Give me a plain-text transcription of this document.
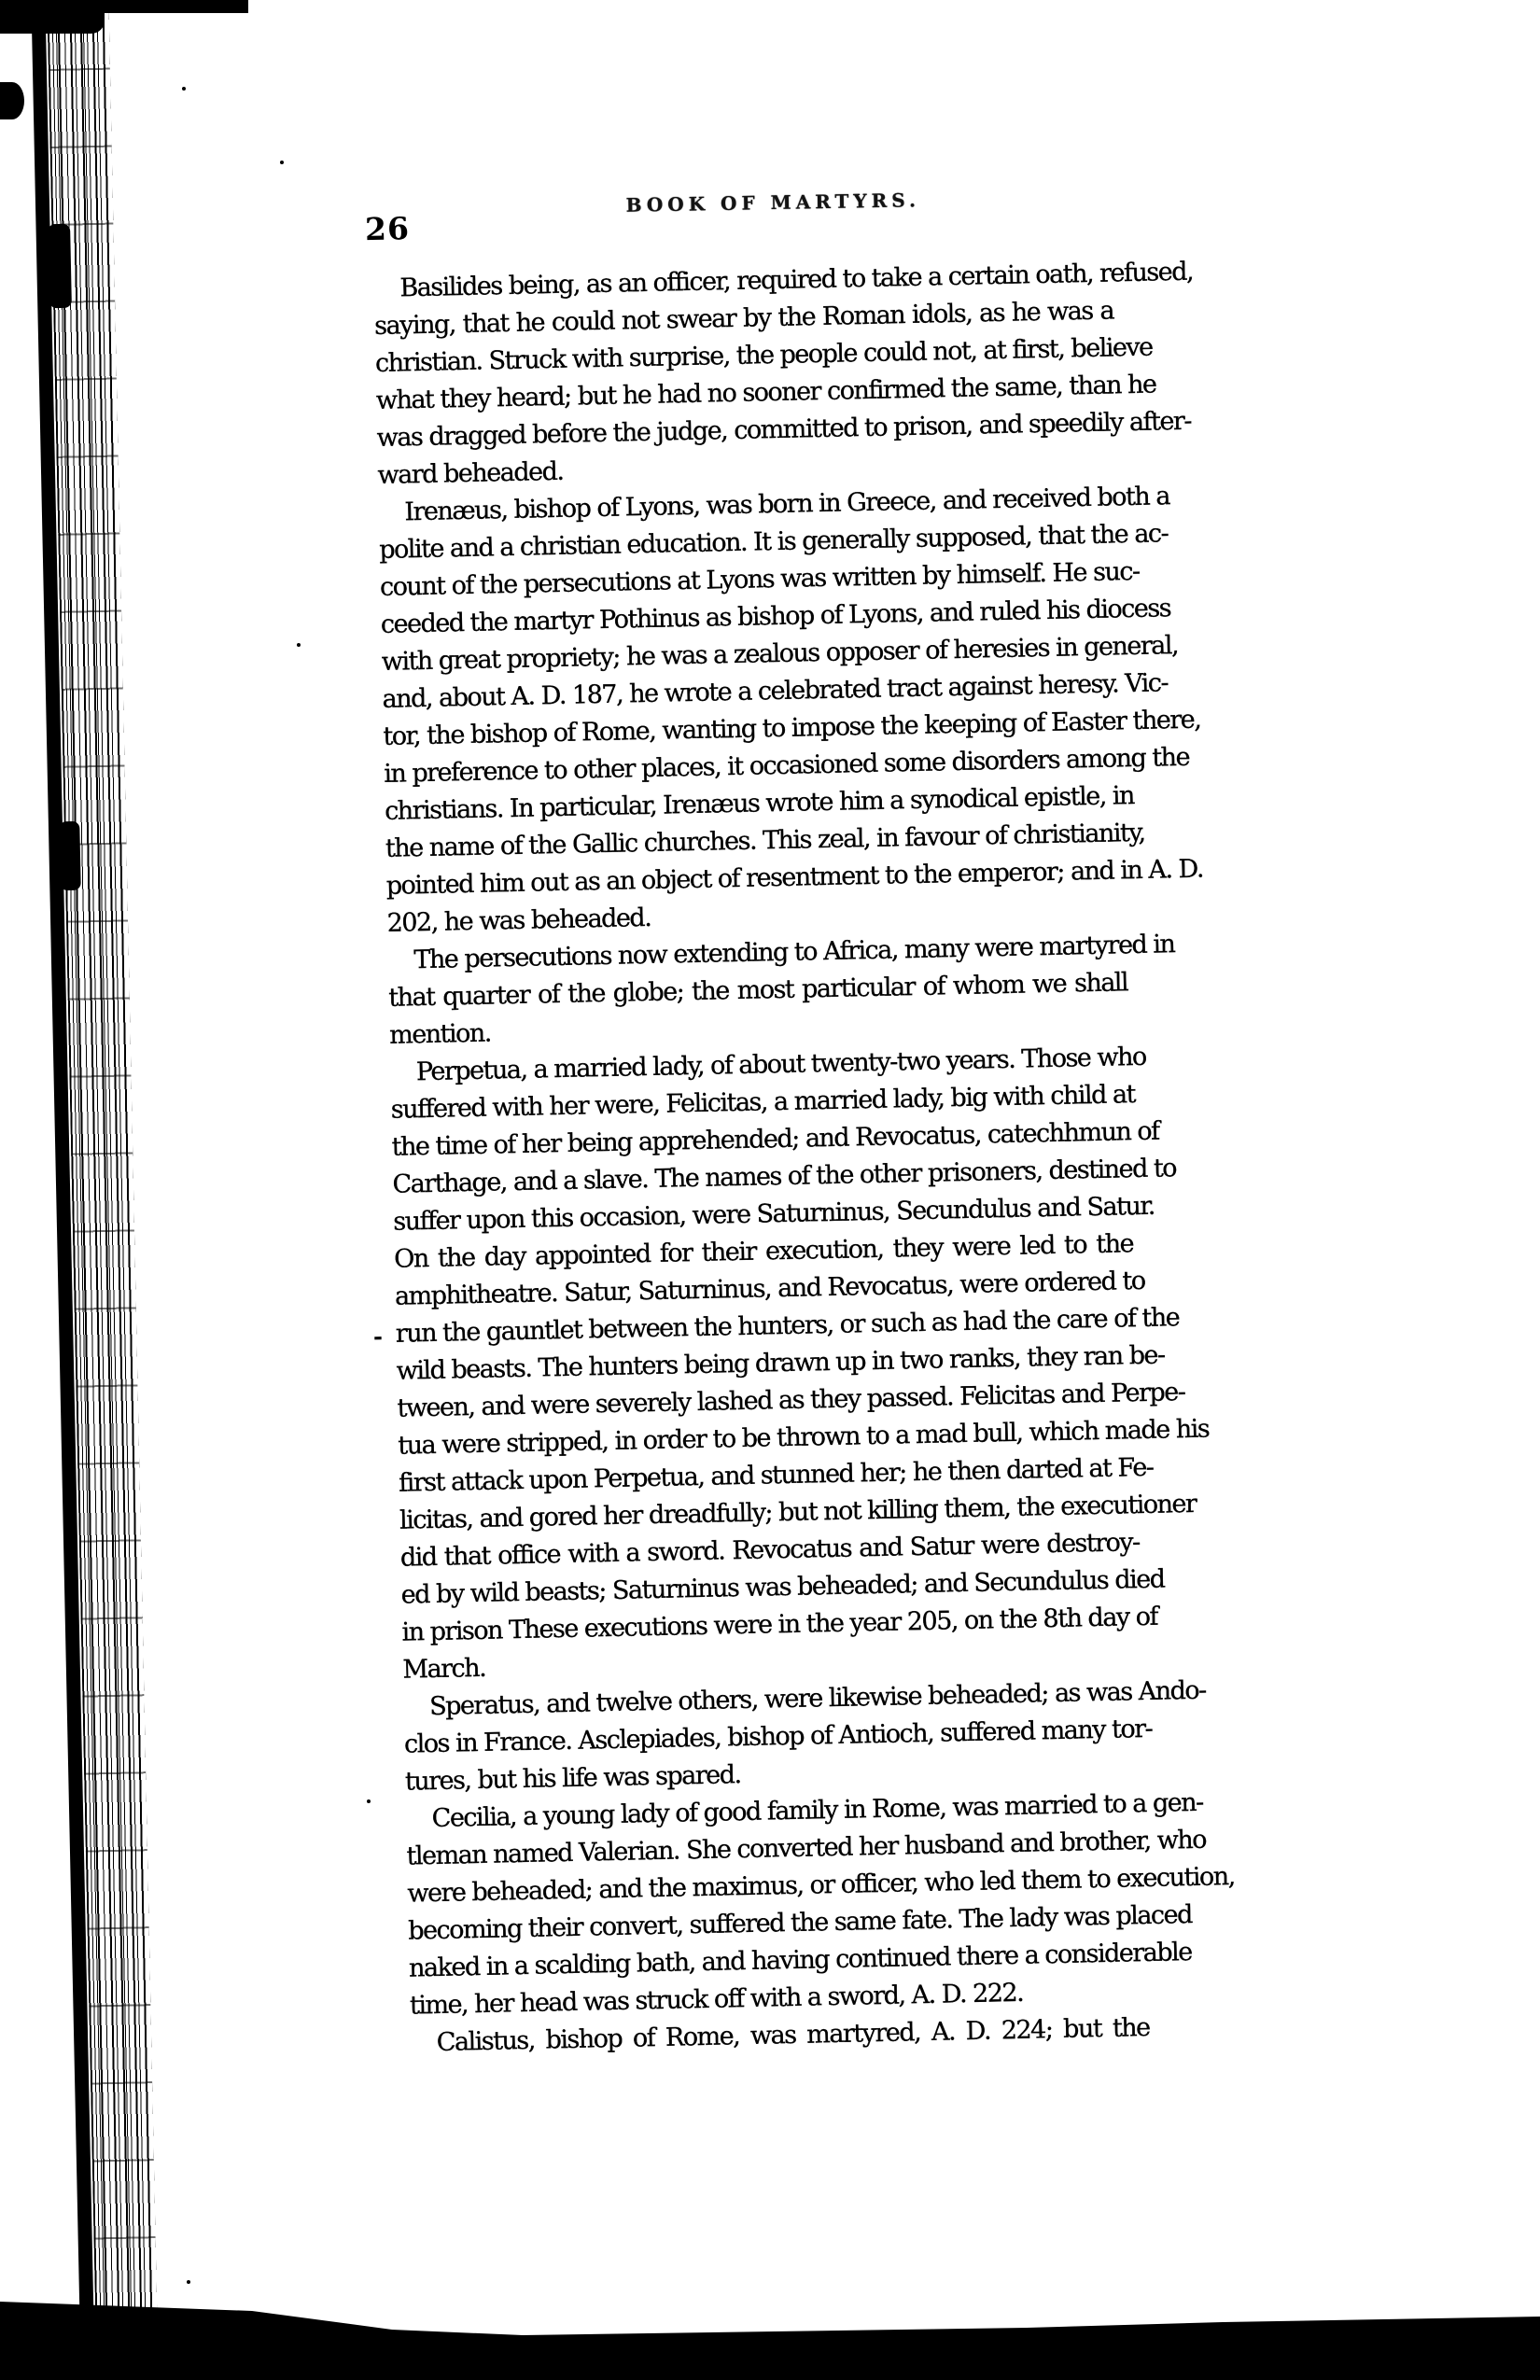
26
BOOK OF MARTYRS.
Basilides being, as an officer, required to take a certain oath, refused,
saying, that he could not swear by the Roman idols, as he was a
christian. Struck with surprise, the people could not, at first, believe
what they heard; but he had no sooner confirmed the same, than he
was dragged before the judge, committed to prison, and speedily after-
ward beheaded.
Irenæus, bishop of Lyons, was born in Greece, and received both a
polite and a christian education. It is generally supposed, that the ac-
count of the persecutions at Lyons was written by himself. He suc-
ceeded the martyr Pothinus as bishop of Lyons, and ruled his diocess
with great propriety; he was a zealous opposer of heresies in general,
and, about A. D. 187, he wrote a celebrated tract against heresy. Vic-
tor, the bishop of Rome, wanting to impose the keeping of Easter there,
in preference to other places, it occasioned some disorders among the
christians. In particular, Irenæus wrote him a synodical epistle, in
the name of the Gallic churches. This zeal, in favour of christianity,
pointed him out as an object of resentment to the emperor; and in A. D.
202, he was beheaded.
The persecutions now extending to Africa, many were martyred in
that quarter of the globe; the most particular of whom we shall
mention.
Perpetua, a married lady, of about twenty-two years. Those who
suffered with her were, Felicitas, a married lady, big with child at
the time of her being apprehended; and Revocatus, catechhmun of
Carthage, and a slave. The names of the other prisoners, destined to
suffer upon this occasion, were Saturninus, Secundulus and Satur.
On the day appointed for their execution, they were led to the
amphitheatre. Satur, Saturninus, and Revocatus, were ordered to
run the gauntlet between the hunters, or such as had the care of the
wild beasts. The hunters being drawn up in two ranks, they ran be-
tween, and were severely lashed as they passed. Felicitas and Perpe-
tua were stripped, in order to be thrown to a mad bull, which made his
first attack upon Perpetua, and stunned her; he then darted at Fe-
licitas, and gored her dreadfully; but not killing them, the executioner
did that office with a sword. Revocatus and Satur were destroy-
ed by wild beasts; Saturninus was beheaded; and Secundulus died
in prison These executions were in the year 205, on the 8th day of
March.
Speratus, and twelve others, were likewise beheaded; as was Ando-
clos in France. Asclepiades, bishop of Antioch, suffered many tor-
tures, but his life was spared.
Cecilia, a young lady of good family in Rome, was married to a gen-
tleman named Valerian. She converted her husband and brother, who
were beheaded; and the maximus, or officer, who led them to execution,
becoming their convert, suffered the same fate. The lady was placed
naked in a scalding bath, and having continued there a considerable
time, her head was struck off with a sword, A. D. 222.
Calistus, bishop of Rome, was martyred, A. D. 224; but the
-
